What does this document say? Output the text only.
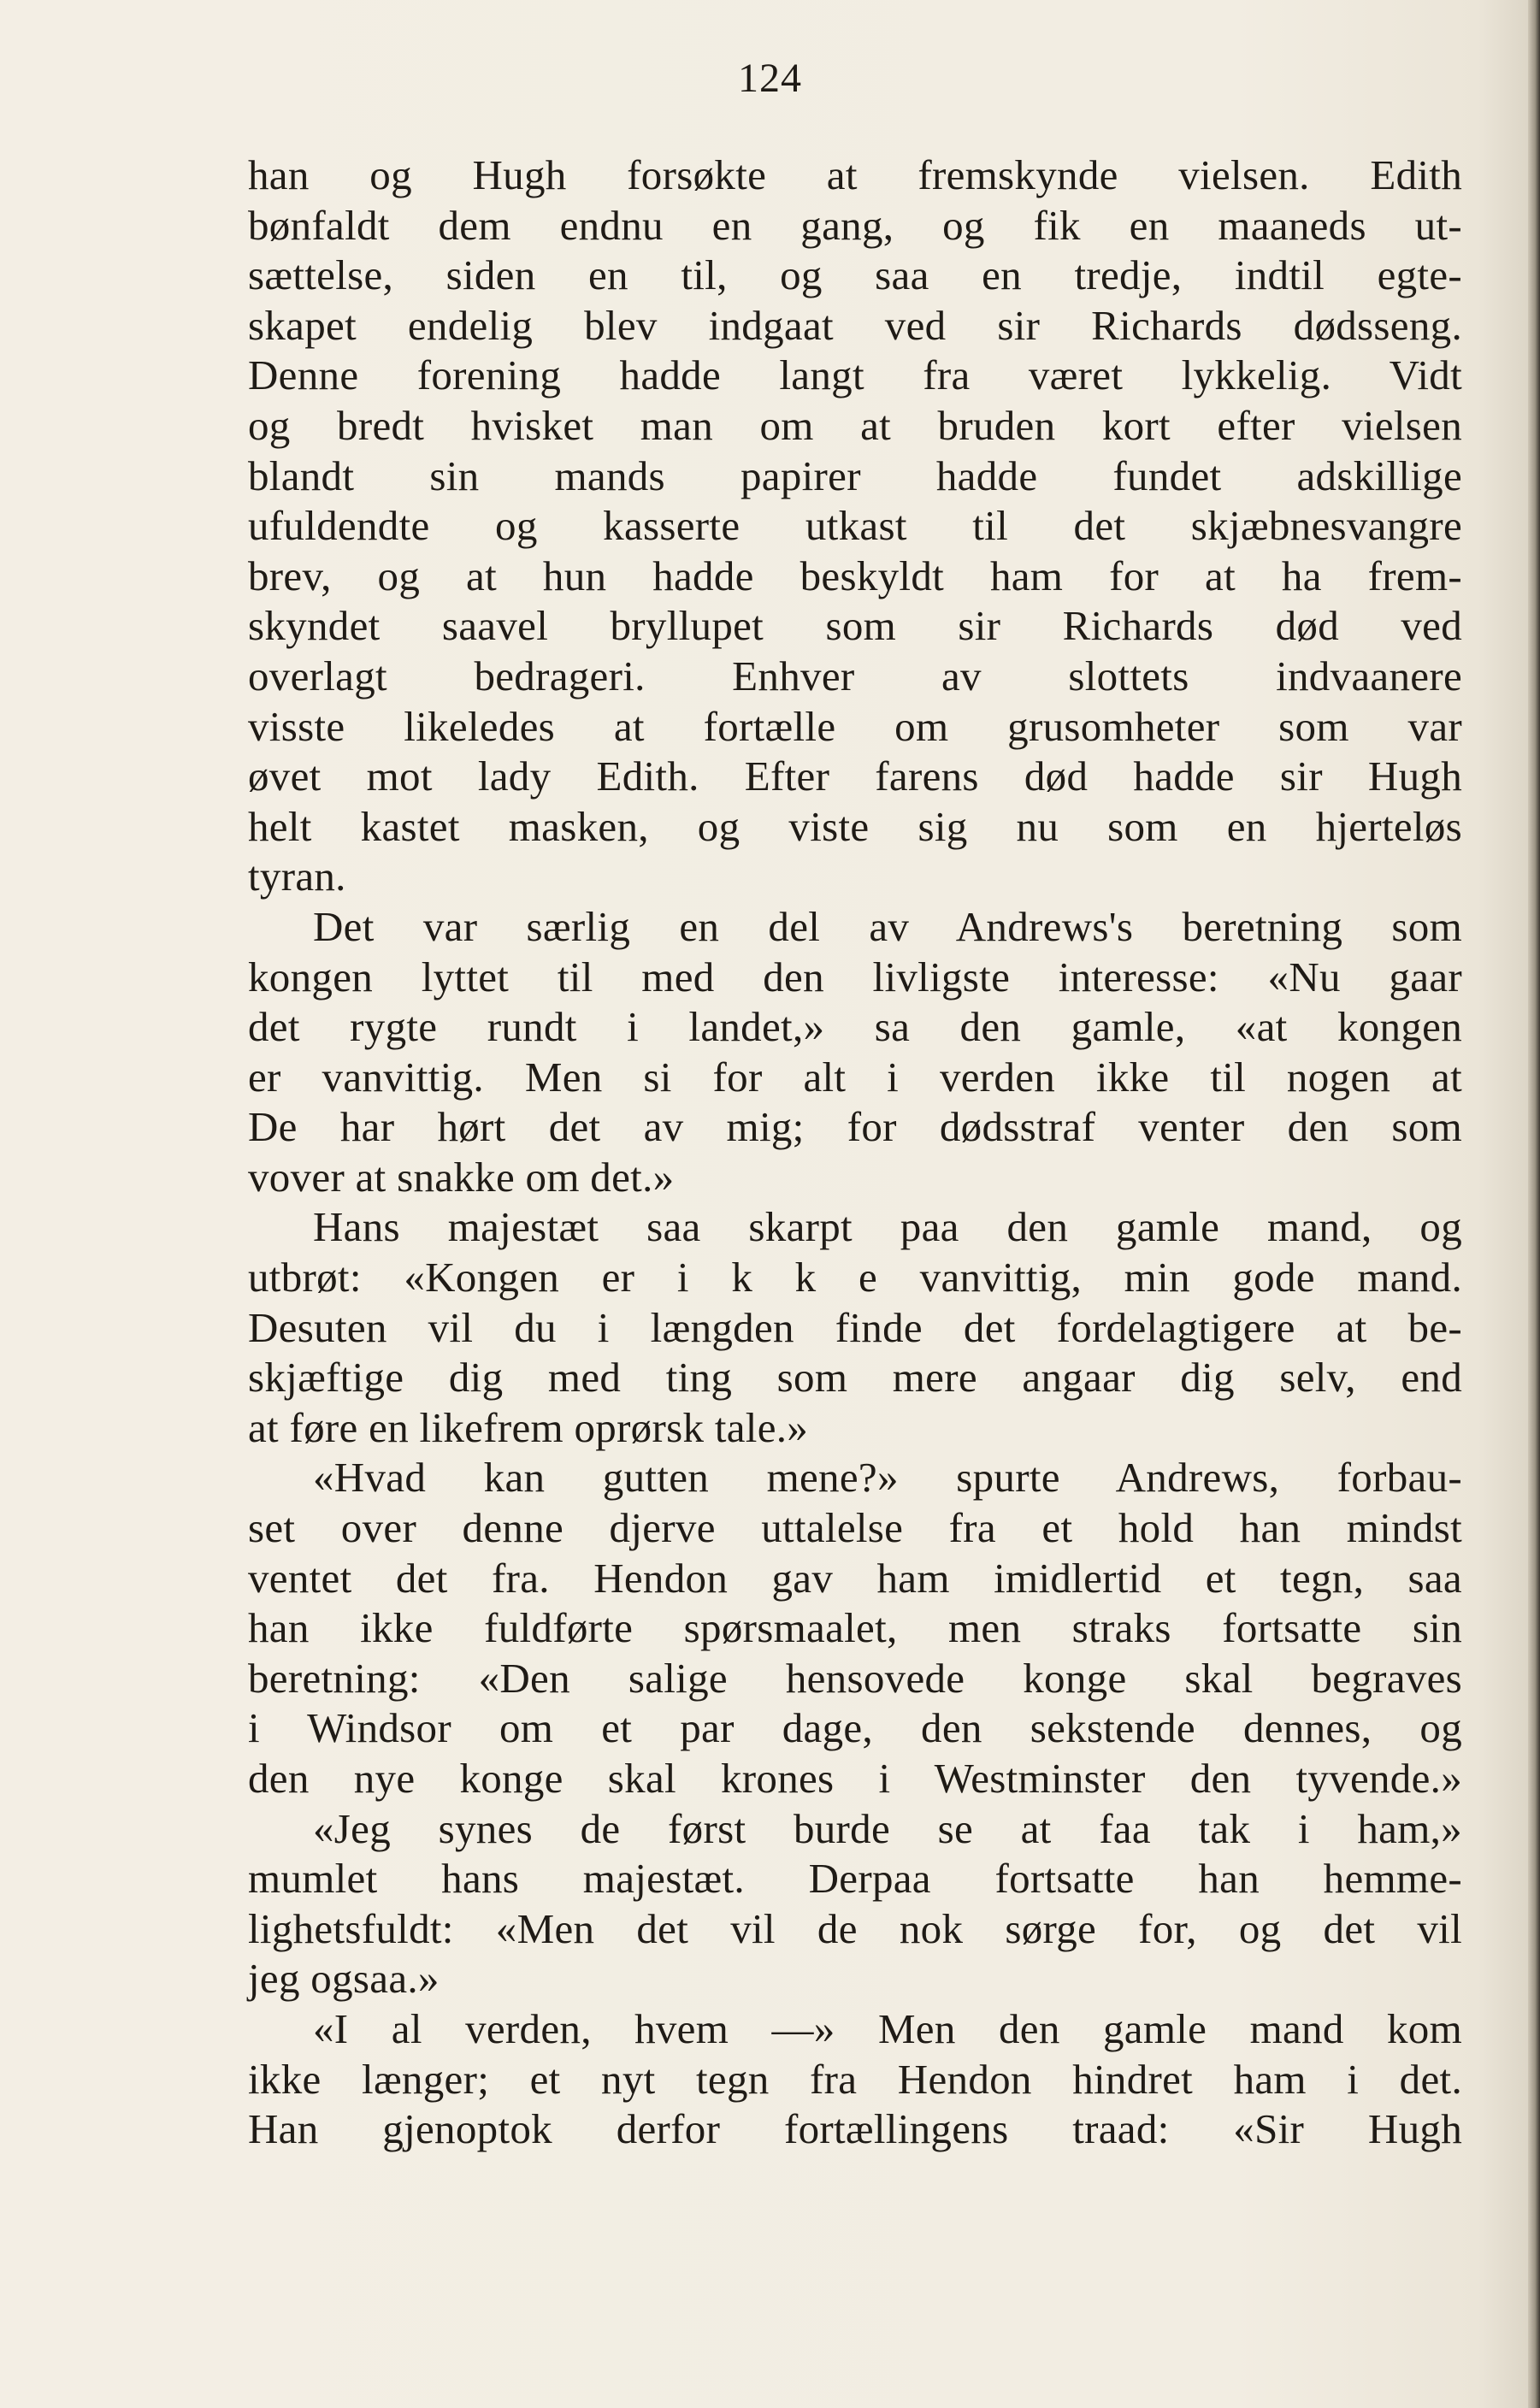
124
han og Hugh forsøkte at fremskynde vielsen. Edith
bønfaldt dem endnu en gang, og fik en maaneds ut-
sættelse, siden en til, og saa en tredje, indtil egte-
skapet endelig blev indgaat ved sir Richards dødsseng.
Denne forening hadde langt fra været lykkelig. Vidt
og bredt hvisket man om at bruden kort efter vielsen
blandt sin mands papirer hadde fundet adskillige
ufuldendte og kasserte utkast til det skjæbnesvangre
brev, og at hun hadde beskyldt ham for at ha frem-
skyndet saavel bryllupet som sir Richards død ved
overlagt bedrageri. Enhver av slottets indvaanere
visste likeledes at fortælle om grusomheter som var
øvet mot lady Edith. Efter farens død hadde sir Hugh
helt kastet masken, og viste sig nu som en hjerteløs
tyran.
Det var særlig en del av Andrews's beretning som
kongen lyttet til med den livligste interesse: «Nu gaar
det rygte rundt i landet,» sa den gamle, «at kongen
er vanvittig. Men si for alt i verden ikke til nogen at
De har hørt det av mig; for dødsstraf venter den som
vover at snakke om det.»
Hans majestæt saa skarpt paa den gamle mand, og
utbrøt: «Kongen er i k k e vanvittig, min gode mand.
Desuten vil du i længden finde det fordelagtigere at be-
skjæftige dig med ting som mere angaar dig selv, end
at føre en likefrem oprørsk tale.»
«Hvad kan gutten mene?» spurte Andrews, forbau-
set over denne djerve uttalelse fra et hold han mindst
ventet det fra. Hendon gav ham imidlertid et tegn, saa
han ikke fuldførte spørsmaalet, men straks fortsatte sin
beretning: «Den salige hensovede konge skal begraves
i Windsor om et par dage, den sekstende dennes, og
den nye konge skal krones i Westminster den tyvende.»
«Jeg synes de først burde se at faa tak i ham,»
mumlet hans majestæt. Derpaa fortsatte han hemme-
lighetsfuldt: «Men det vil de nok sørge for, og det vil
jeg ogsaa.»
«I al verden, hvem —» Men den gamle mand kom
ikke længer; et nyt tegn fra Hendon hindret ham i det.
Han gjenoptok derfor fortællingens traad: «Sir Hugh
